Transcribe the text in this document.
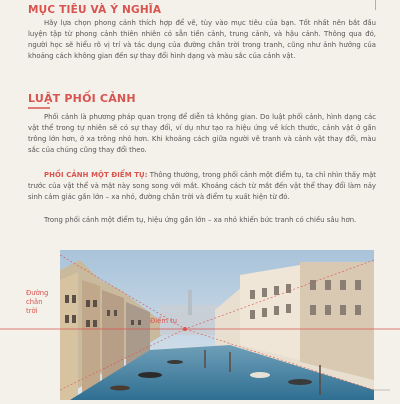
MỤC TIÊU VÀ Ý NGHĨA
Hãy lựa chọn phong cảnh thích hợp để vẽ, tùy vào mục tiêu của bạn. Tốt nhất nên bắt đầu luyện tập từ phong cảnh thiên nhiên có sẵn tiền cảnh, trung cảnh, và hậu cảnh. Thông qua đó, người học sẽ hiểu rõ vị trí và tác dụng của đường chân trời trong tranh, cũng như ảnh hưởng của khoảng cách không gian đến sự thay đổi hình dạng và màu sắc của cảnh vật.
LUẬT PHỐI CẢNH
Phối cảnh là phương pháp quan trọng để diễn tả không gian. Do luật phối cảnh, hình dạng các vật thể trong tự nhiên sẽ có sự thay đổi, ví dụ như tạo ra hiệu ứng về kích thước, cảnh vật ở gần trông lớn hơn, ở xa trông nhỏ hơn. Khi khoảng cách giữa người vẽ tranh và cảnh vật thay đổi, màu sắc của chúng cũng thay đổi theo.
PHỐI CẢNH MỘT ĐIỂM TỤ: Thông thường, trong phối cảnh một điểm tụ, ta chỉ nhìn thấy mặt trước của vật thể và mặt này song song với mắt. Khoảng cách từ mắt đến vật thể thay đổi làm nảy sinh cảm giác gần lớn – xa nhỏ, đường chân trời và điểm tụ xuất hiện từ đó.
Trong phối cảnh một điểm tụ, hiệu ứng gần lớn – xa nhỏ khiến bức tranh có chiều sâu hơn.
Đường
chân
trời
Điểm tụ
